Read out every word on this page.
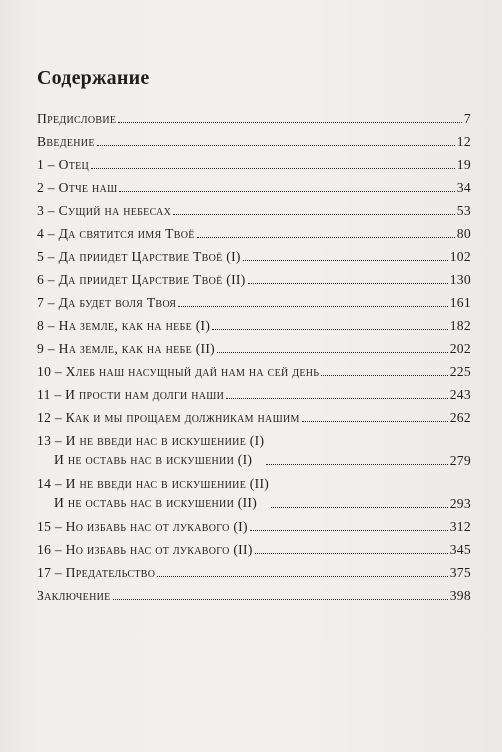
Содержание
Предисловие	7
Введение	12
1 – Отец	19
2 – Отче наш	34
3 – Сущий на небесах	53
4 – Да святится имя Твоё	80
5 – Да приидет Царствие Твоё (I)	102
6 – Да приидет Царствие Твоё (II)	130
7 – Да будет воля Твоя	161
8 – На земле, как на небе (I)	182
9 – На земле, как на небе (II)	202
10 – Хлеб наш насущный дай нам на сей день	225
11 – И прости нам долги наши	243
12 – Как и мы прощаем должникам нашим	262
13 – И не введи нас в искушениие (I)
И не оставь нас в искушении (I)	279
14 – И не введи нас в искушениие (II)
И не оставь нас в искушении (II)	293
15 – Но избавь нас от лукавого (I)	312
16 – Но избавь нас от лукавого (II)	345
17 – Предательство	375
Заключение	398
